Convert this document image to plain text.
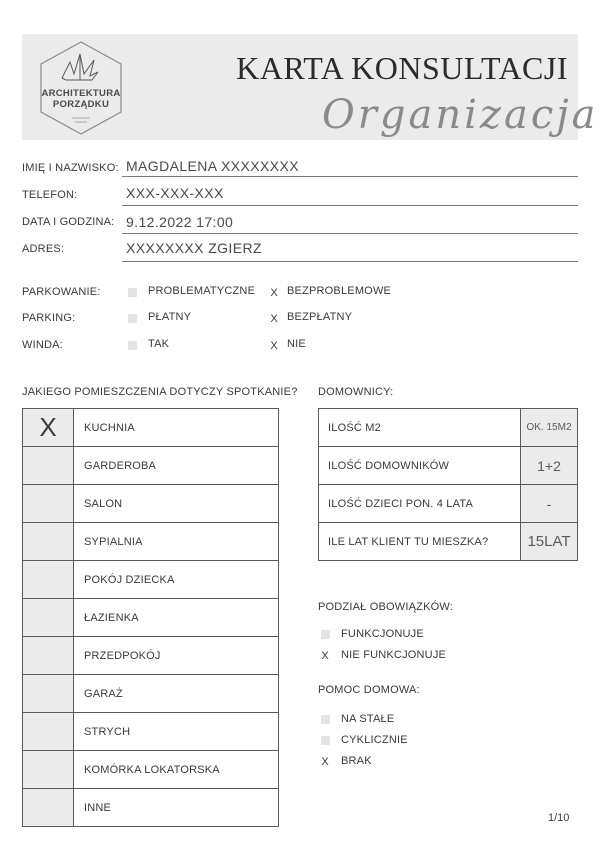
ARCHITEKTURA
PORZĄDKU
KARTA KONSULTACJI
Organizacja
IMIĘ I NAZWISKO: MAGDALENA XXXXXXXX
TELEFON:	XXX-XXX-XXX
DATA I GODZINA: 9.12.2022 17:00
ADRES:	XXXXXXXX ZGIERZ
PARKOWANIE:	PROBLEMATYCZNE X BEZPROBLEMOWE
PARKING:	PŁATNY	X BEZPŁATNY
WINDA:	TAK	X NIE
JAKIEGO POMIESZCZENIA DOTYCZY SPOTKANIE?
X	KUCHNIA
	GARDEROBA
	SALON
	SYPIALNIA
	POKÓJ DZIECKA
	ŁAZIENKA
	PRZEDPOKÓJ
	GARAŻ
	STRYCH
	KOMÓRKA LOKATORSKA
	INNE
DOMOWNICY:
ILOŚĆ M2	OK. 15M2
ILOŚĆ DOMOWNIKÓW	1+2
ILOŚĆ DZIECI PON. 4 LATA	-
ILE LAT KLIENT TU MIESZKA?	15LAT
PODZIAŁ OBOWIĄZKÓW:
FUNKCJONUJE
X NIE FUNKCJONUJE
POMOC DOMOWA:
NA STAŁE
CYKLICZNIE
X BRAK
1/10
